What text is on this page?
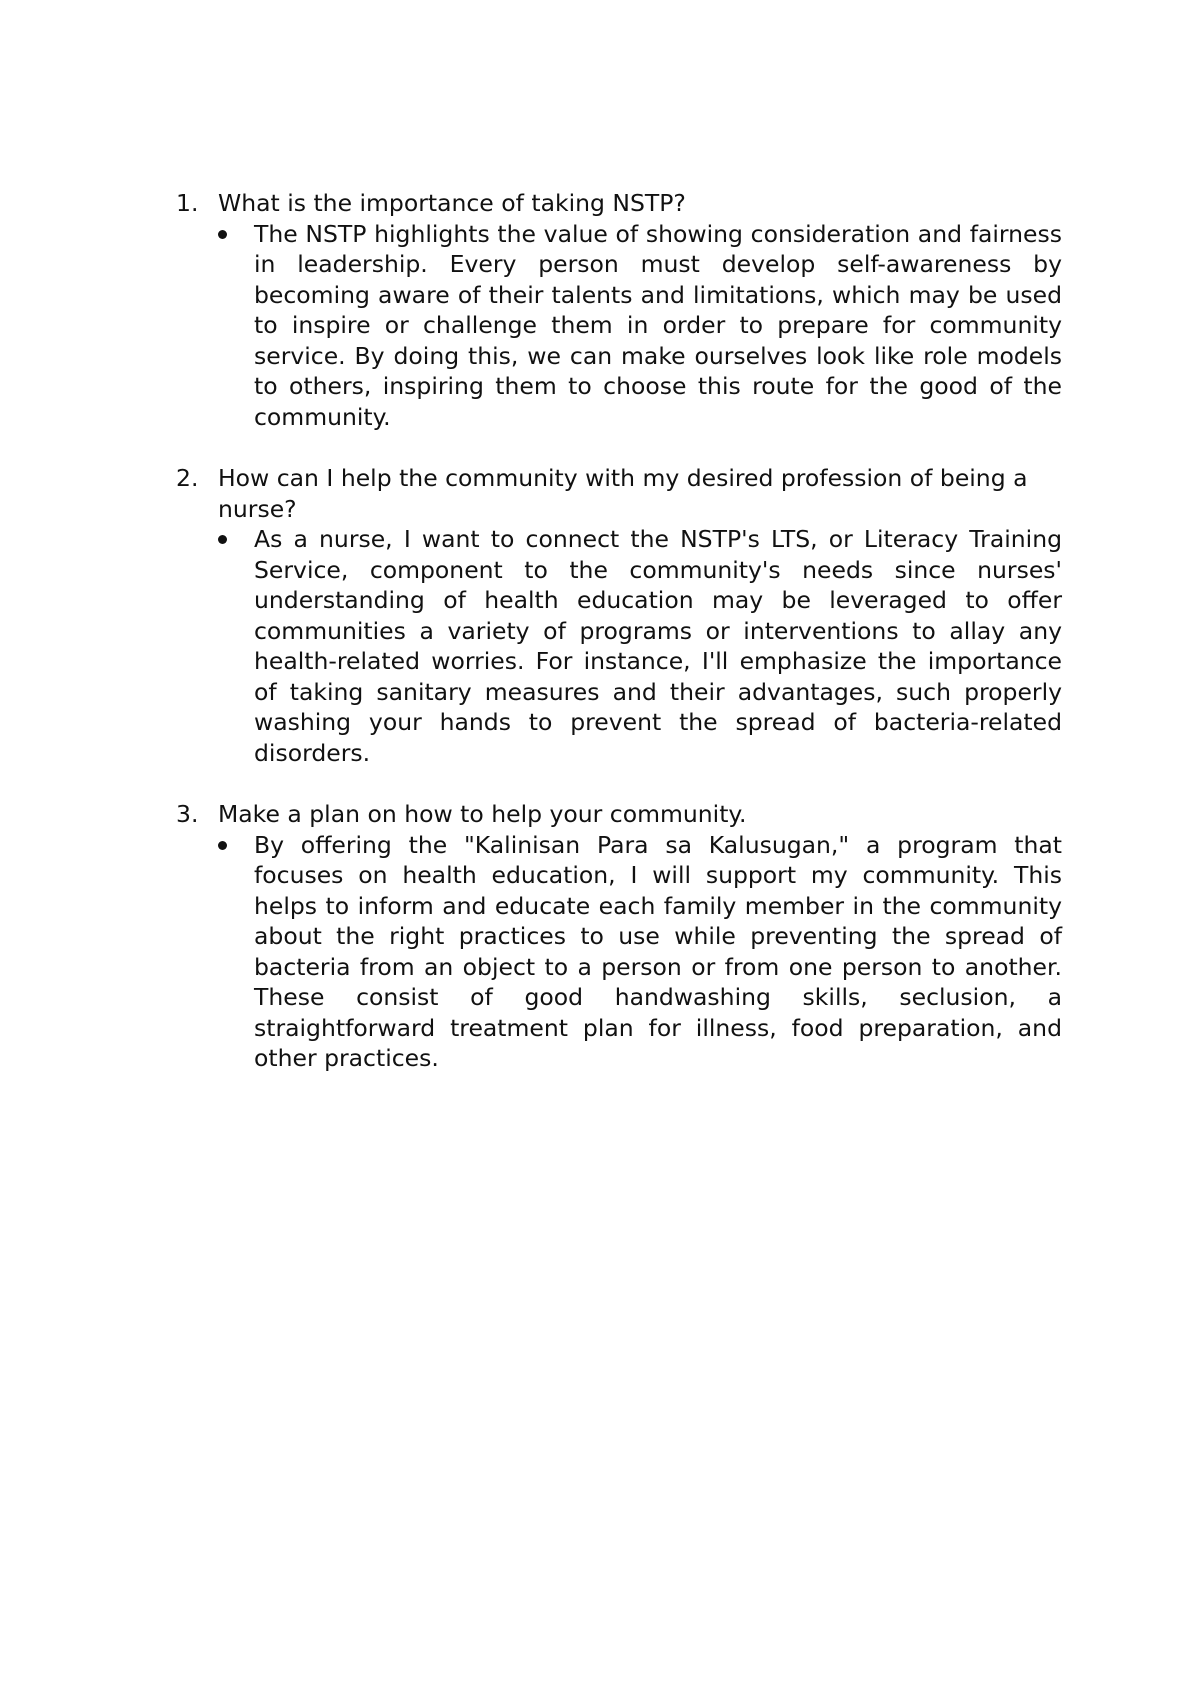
1. What is the importance of taking NSTP?

The NSTP highlights the value of showing consideration and fairness in leadership. Every person must develop self-awareness by becoming aware of their talents and limitations, which may be used to inspire or challenge them in order to prepare for community service. By doing this, we can make ourselves look like role models to others, inspiring them to choose this route for the good of the community.
2. How can I help the community with my desired profession of being a nurse?

As a nurse, I want to connect the NSTP's LTS, or Literacy Training Service, component to the community's needs since nurses' understanding of health education may be leveraged to offer communities a variety of programs or interventions to allay any health-related worries. For instance, I'll emphasize the importance of taking sanitary measures and their advantages, such properly washing your hands to prevent the spread of bacteria-related disorders.
3. Make a plan on how to help your community.

By offering the "Kalinisan Para sa Kalusugan," a program that focuses on health education, I will support my community. This helps to inform and educate each family member in the community about the right practices to use while preventing the spread of bacteria from an object to a person or from one person to another. These consist of good handwashing skills, seclusion, a straightforward treatment plan for illness, food preparation, and other practices.
